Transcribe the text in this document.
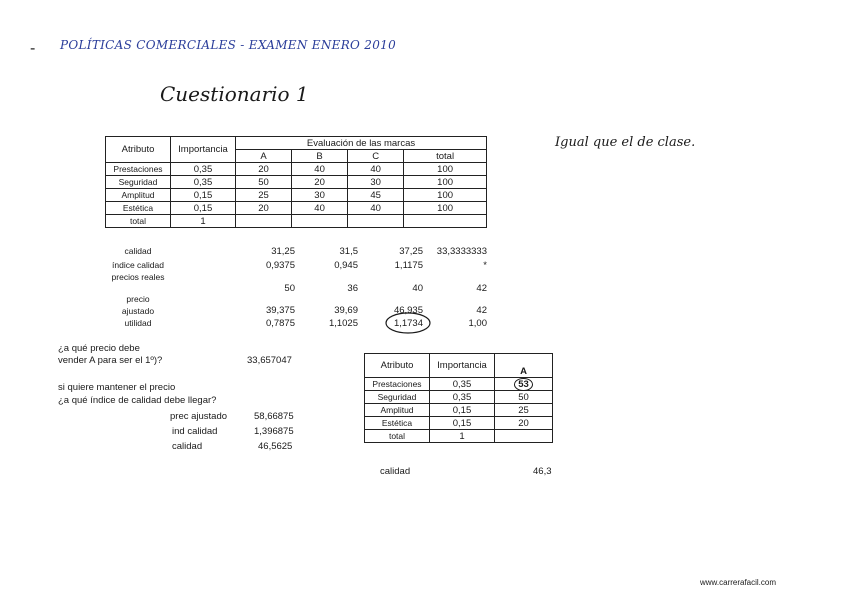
- POLÍTICAS COMERCIALES - EXAMEN ENERO 2010
Cuestionario 1
Igual que el de clase.
Atributo	Importancia	Evaluación de las marcas			
		A	B	C	total
Prestaciones	0,35	20	40	40	100
Seguridad	0,35	50	20	30	100
Amplitud	0,15	25	30	45	100
Estética	0,15	20	40	40	100
total	1				
calidad	31,25	31,5	37,25	33,3333333
índice calidad	0,9375	0,945	1,1175	*
precios reales
50	36	40	42
precio
ajustado	39,375	39,69	46,935	42
utilidad	0,7875	1,1025	1,1734	1,00
¿a qué precio debe
vender A para ser el 1º)?	33,657047
si quiere mantener el precio
¿a qué índice de calidad debe llegar?
prec ajustado	58,66875
ind calidad	1,396875
calidad	46,5625
Atributo	Importancia	A
Prestaciones	0,35	53
Seguridad	0,35	50
Amplitud	0,15	25
Estética	0,15	20
total	1	
calidad	46,3
www.carrerafacil.com
